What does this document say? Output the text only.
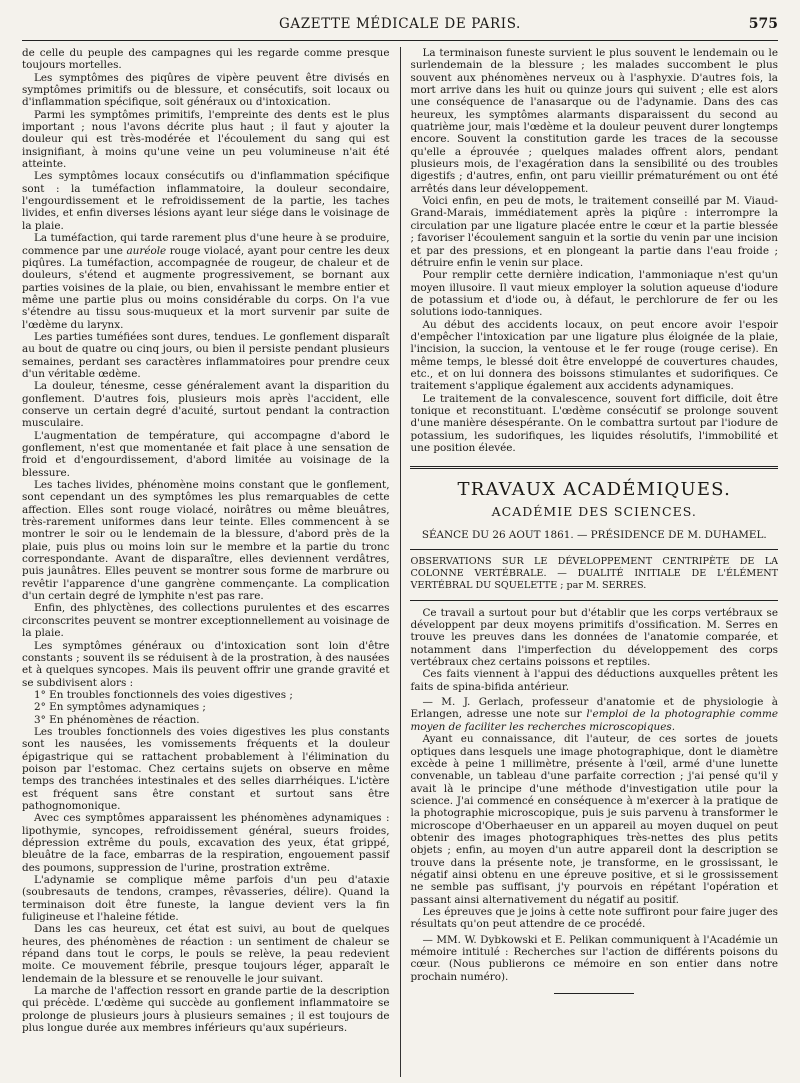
GAZETTE MÉDICALE DE PARIS.	575

de celle du peuple des campagnes qui les regarde comme presque toujours mortelles.

Les symptômes des piqûres de vipère peuvent être divisés en symptômes primitifs ou de blessure, et consécutifs, soit locaux ou d'inflammation spécifique, soit généraux ou d'intoxication.

Parmi les symptômes primitifs, l'empreinte des dents est le plus important ; nous l'avons décrite plus haut ; il faut y ajouter la douleur qui est très-modérée et l'écoulement du sang qui est insignifiant, à moins qu'une veine un peu volumineuse n'ait été atteinte.

Les symptômes locaux consécutifs ou d'inflammation spécifique sont : la tuméfaction inflammatoire, la douleur secondaire, l'engourdissement et le refroidissement de la partie, les taches livides, et enfin diverses lésions ayant leur siége dans le voisinage de la plaie.

La tuméfaction, qui tarde rarement plus d'une heure à se produire, commence par une auréole rouge violacé, ayant pour centre les deux piqûres. La tuméfaction, accompagnée de rougeur, de chaleur et de douleurs, s'étend et augmente progressivement, se bornant aux parties voisines de la plaie, ou bien, envahissant le membre entier et même une partie plus ou moins considérable du corps. On l'a vue s'étendre au tissu sous-muqueux et la mort survenir par suite de l'œdème du larynx.

Les parties tuméfiées sont dures, tendues. Le gonflement disparaît au bout de quatre ou cinq jours, ou bien il persiste pendant plusieurs semaines, perdant ses caractères inflammatoires pour prendre ceux d'un véritable œdème.

La douleur, ténesme, cesse généralement avant la disparition du gonflement. D'autres fois, plusieurs mois après l'accident, elle conserve un certain degré d'acuité, surtout pendant la contraction musculaire.

L'augmentation de température, qui accompagne d'abord le gonflement, n'est que momentanée et fait place à une sensation de froid et d'engourdissement, d'abord limitée au voisinage de la blessure.

Les taches livides, phénomène moins constant que le gonflement, sont cependant un des symptômes les plus remarquables de cette affection. Elles sont rouge violacé, noirâtres ou même bleuâtres, très-rarement uniformes dans leur teinte. Elles commencent à se montrer le soir ou le lendemain de la blessure, d'abord près de la plaie, puis plus ou moins loin sur le membre et la partie du tronc correspondante. Avant de disparaître, elles deviennent verdâtres, puis jaunâtres. Elles peuvent se montrer sous forme de marbrure ou revêtir l'apparence d'une gangrène commençante. La complication d'un certain degré de lymphite n'est pas rare.

Enfin, des phlyctènes, des collections purulentes et des escarres circonscrites peuvent se montrer exceptionnellement au voisinage de la plaie.

Les symptômes généraux ou d'intoxication sont loin d'être constants ; souvent ils se réduisent à de la prostration, à des nausées et à quelques syncopes. Mais ils peuvent offrir une grande gravité et se subdivisent alors :

1° En troubles fonctionnels des voies digestives ;

2° En symptômes adynamiques ;

3° En phénomènes de réaction.

Les troubles fonctionnels des voies digestives les plus constants sont les nausées, les vomissements fréquents et la douleur épigastrique qui se rattachent probablement à l'élimination du poison par l'estomac. Chez certains sujets on observe en même temps des tranchées intestinales et des selles diarrhéiques. L'ictère est fréquent sans être constant et surtout sans être pathognomonique.

Avec ces symptômes apparaissent les phénomènes adynamiques : lipothymie, syncopes, refroidissement général, sueurs froides, dépression extrême du pouls, excavation des yeux, état grippé, bleuâtre de la face, embarras de la respiration, engouement passif des poumons, suppression de l'urine, prostration extrême.

L'adynamie se complique même parfois d'un peu d'ataxie (soubresauts de tendons, crampes, rêvasseries, délire). Quand la terminaison doit être funeste, la langue devient vers la fin fuligineuse et l'haleine fétide.

Dans les cas heureux, cet état est suivi, au bout de quelques heures, des phénomènes de réaction : un sentiment de chaleur se répand dans tout le corps, le pouls se relève, la peau redevient moite. Ce mouvement fébrile, presque toujours léger, apparaît le lendemain de la blessure et se renouvelle le jour suivant.

La marche de l'affection ressort en grande partie de la description qui précède. L'œdème qui succède au gonflement inflammatoire se prolonge de plusieurs jours à plusieurs semaines ; il est toujours de plus longue durée aux membres inférieurs qu'aux supérieurs.

La terminaison funeste survient le plus souvent le lendemain ou le surlendemain de la blessure ; les malades succombent le plus souvent aux phénomènes nerveux ou à l'asphyxie. D'autres fois, la mort arrive dans les huit ou quinze jours qui suivent ; elle est alors une conséquence de l'anasarque ou de l'adynamie. Dans des cas heureux, les symptômes alarmants disparaissent du second au quatrième jour, mais l'œdème et la douleur peuvent durer longtemps encore. Souvent la constitution garde les traces de la secousse qu'elle a éprouvée ; quelques malades offrent alors, pendant plusieurs mois, de l'exagération dans la sensibilité ou des troubles digestifs ; d'autres, enfin, ont paru vieillir prématurément ou ont été arrêtés dans leur développement.

Voici enfin, en peu de mots, le traitement conseillé par M. Viaud-Grand-Marais, immédiatement après la piqûre : interrompre la circulation par une ligature placée entre le cœur et la partie blessée ; favoriser l'écoulement sanguin et la sortie du venin par une incision et par des pressions, et en plongeant la partie dans l'eau froide ; détruire enfin le venin sur place.

Pour remplir cette dernière indication, l'ammoniaque n'est qu'un moyen illusoire. Il vaut mieux employer la solution aqueuse d'iodure de potassium et d'iode ou, à défaut, le perchlorure de fer ou les solutions iodo-tanniques.

Au début des accidents locaux, on peut encore avoir l'espoir d'empêcher l'intoxication par une ligature plus éloignée de la plaie, l'incision, la succion, la ventouse et le fer rouge (rouge cerise). En même temps, le blessé doit être enveloppé de couvertures chaudes, etc., et on lui donnera des boissons stimulantes et sudorifiques. Ce traitement s'applique également aux accidents adynamiques.

Le traitement de la convalescence, souvent fort difficile, doit être tonique et reconstituant. L'œdème consécutif se prolonge souvent d'une manière désespérante. On le combattra surtout par l'iodure de potassium, les sudorifiques, les liquides résolutifs, l'immobilité et une position élevée.

TRAVAUX ACADÉMIQUES.
ACADÉMIE DES SCIENCES.
SÉANCE DU 26 AOUT 1861. — PRÉSIDENCE DE M. DUHAMEL.
OBSERVATIONS SUR LE DÉVELOPPEMENT CENTRIPÈTE DE LA COLONNE VERTÉBRALE. — DUALITÉ INITIALE DE L'ÉLÉMENT VERTÉBRAL DU SQUELETTE ; par M. SERRES.

Ce travail a surtout pour but d'établir que les corps vertébraux se développent par deux moyens primitifs d'ossification. M. Serres en trouve les preuves dans les données de l'anatomie comparée, et notamment dans l'imperfection du développement des corps vertébraux chez certains poissons et reptiles.

Ces faits viennent à l'appui des déductions auxquelles prêtent les faits de spina-bifida antérieur.

— M. J. Gerlach, professeur d'anatomie et de physiologie à Erlangen, adresse une note sur l'emploi de la photographie comme moyen de faciliter les recherches microscopiques.

Ayant eu connaissance, dit l'auteur, de ces sortes de jouets optiques dans lesquels une image photographique, dont le diamètre excède à peine 1 millimètre, présente à l'œil, armé d'une lunette convenable, un tableau d'une parfaite correction ; j'ai pensé qu'il y avait là le principe d'une méthode d'investigation utile pour la science. J'ai commencé en conséquence à m'exercer à la pratique de la photographie microscopique, puis je suis parvenu à transformer le microscope d'Oberhaeuser en un appareil au moyen duquel on peut obtenir des images photographiques très-nettes des plus petits objets ; enfin, au moyen d'un autre appareil dont la description se trouve dans la présente note, je transforme, en le grossissant, le négatif ainsi obtenu en une épreuve positive, et si le grossissement ne semble pas suffisant, j'y pourvois en répétant l'opération et passant ainsi alternativement du négatif au positif.

Les épreuves que je joins à cette note suffiront pour faire juger des résultats qu'on peut attendre de ce procédé.

— MM. W. Dybkowski et E. Pelikan communiquent à l'Académie un mémoire intitulé : Recherches sur l'action de différents poisons du cœur. (Nous publierons ce mémoire en son entier dans notre prochain numéro).
